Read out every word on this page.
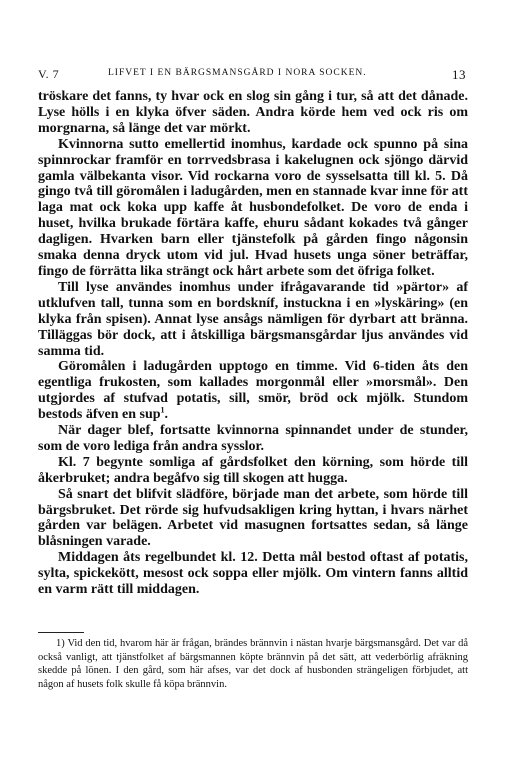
V. 7	LIFVET I EN BÄRGSMANSGÅRD I NORA SOCKEN.	13

tröskare det fanns, ty hvar ock en slog sin gång i tur, så att det dånade. Lyse hölls i en klyka öfver säden. Andra körde hem ved ock ris om morgnarna, så länge det var mörkt.

Kvinnorna sutto emellertid inomhus, kardade ock spunno på sina spinnrockar framför en torrvedsbrasa i kakelugnen ock sjöngo därvid gamla välbekanta visor. Vid rockarna voro de sysselsatta till kl. 5. Då gingo två till göromålen i ladugården, men en stannade kvar inne för att laga mat ock koka upp kaffe åt husbondefolket. De voro de enda i huset, hvilka brukade förtära kaffe, ehuru sådant kokades två gånger dagligen. Hvarken barn eller tjänstefolk på gården fingo någonsin smaka denna dryck utom vid jul. Hvad husets unga söner beträffar, fingo de förrätta lika strängt ock hårt arbete som det öfriga folket.

Till lyse användes inomhus under ifrågavarande tid »pärtor» af utklufven tall, tunna som en bordskníf, instuckna i en »lyskäring» (en klyka från spisen). Annat lyse ansågs nämligen för dyrbart att bränna. Tilläggas bör dock, att i åtskilliga bärgsmansgårdar ljus användes vid samma tid.

Göromålen i ladugården upptogo en timme. Vid 6-tiden åts den egentliga frukosten, som kallades morgonmål eller »morsmål». Den utgjordes af stufvad potatis, sill, smör, bröd ock mjölk. Stundom bestods äfven en sup$^1$.

När dager blef, fortsatte kvinnorna spinnandet under de stunder, som de voro lediga från andra sysslor.

Kl. 7 begynte somliga af gårdsfolket den körning, som hörde till åkerbruket; andra begåfvo sig till skogen att hugga.

Så snart det blifvit slädföre, började man det arbete, som hörde till bärgsbruket. Det rörde sig hufvudsakligen kring hyttan, i hvars närhet gården var belägen. Arbetet vid masugnen fortsattes sedan, så länge blåsningen varade.

Middagen åts regelbundet kl. 12. Detta mål bestod oftast af potatis, sylta, spickekött, mesost ock soppa eller mjölk. Om vintern fanns alltid en varm rätt till middagen.

1) Vid den tid, hvarom här är frågan, brändes brännvin i nästan hvarje bärgsmansgård. Det var då också vanligt, att tjänstfolket af bärgsmannen köpte brännvin på det sätt, att vederbörlig afräkning skedde på lönen. I den gård, som här afses, var det dock af husbonden strängeligen förbjudet, att någon af husets folk skulle få köpa brännvin.
